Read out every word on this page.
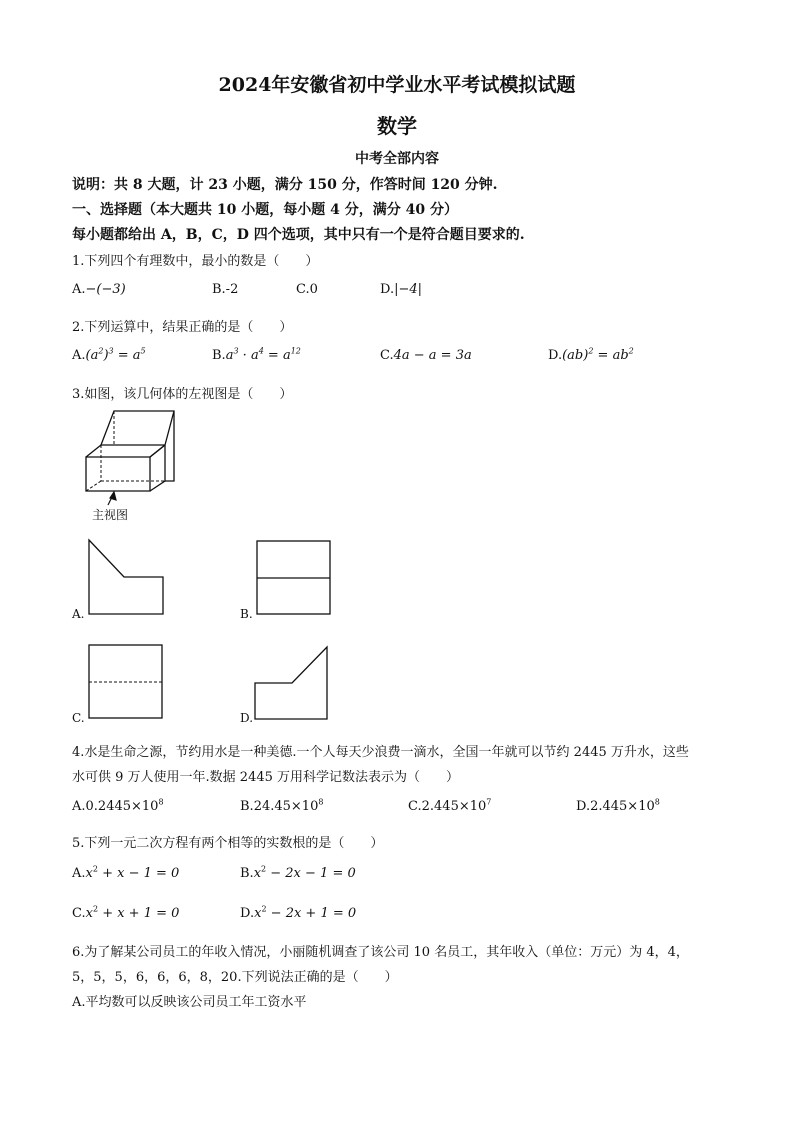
2024年安徽省初中学业水平考试模拟试题
数学
中考全部内容
说明：共 8 大题，计 23 小题，满分 150 分，作答时间 120 分钟.
一、选择题（本大题共 10 小题，每小题 4 分，满分 40 分）
每小题都给出 A，B，C，D 四个选项，其中只有一个是符合题目要求的.
1.下列四个有理数中，最小的数是（　　）
A.−(−3)	B.-2	C.0	D.|−4|
2.下列运算中，结果正确的是（　　）
$A.(a^2)^3 = a^5$	$B.a^3 \cdot a^4 = a^{12}$	C.4a − a = 3a	$D.(ab)^2 = ab^2$
3.如图，该几何体的左视图是（　　）
主视图
A.	B.
C.	D.
4.水是生命之源，节约用水是一种美德.一个人每天少浪费一滴水，全国一年就可以节约 2445 万升水，这些
水可供 9 万人使用一年.数据 2445 万用科学记数法表示为（　　）
$A.0.2445\times 10^8$	$B.24.45\times 10^8$	$C.2.445\times 10^7$	$D.2.445\times 10^8$
5.下列一元二次方程有两个相等的实数根的是（　　）
$A.x^2 + x - 1 = 0$	$B.x^2 - 2x - 1 = 0$
$C.x^2 + x + 1 = 0$	$D.x^2 - 2x + 1 = 0$
6.为了解某公司员工的年收入情况，小丽随机调查了该公司 10 名员工，其年收入（单位：万元）为 4，4，
5，5，5，6，6，6，8，20.下列说法正确的是（　　）
A.平均数可以反映该公司员工年工资水平
